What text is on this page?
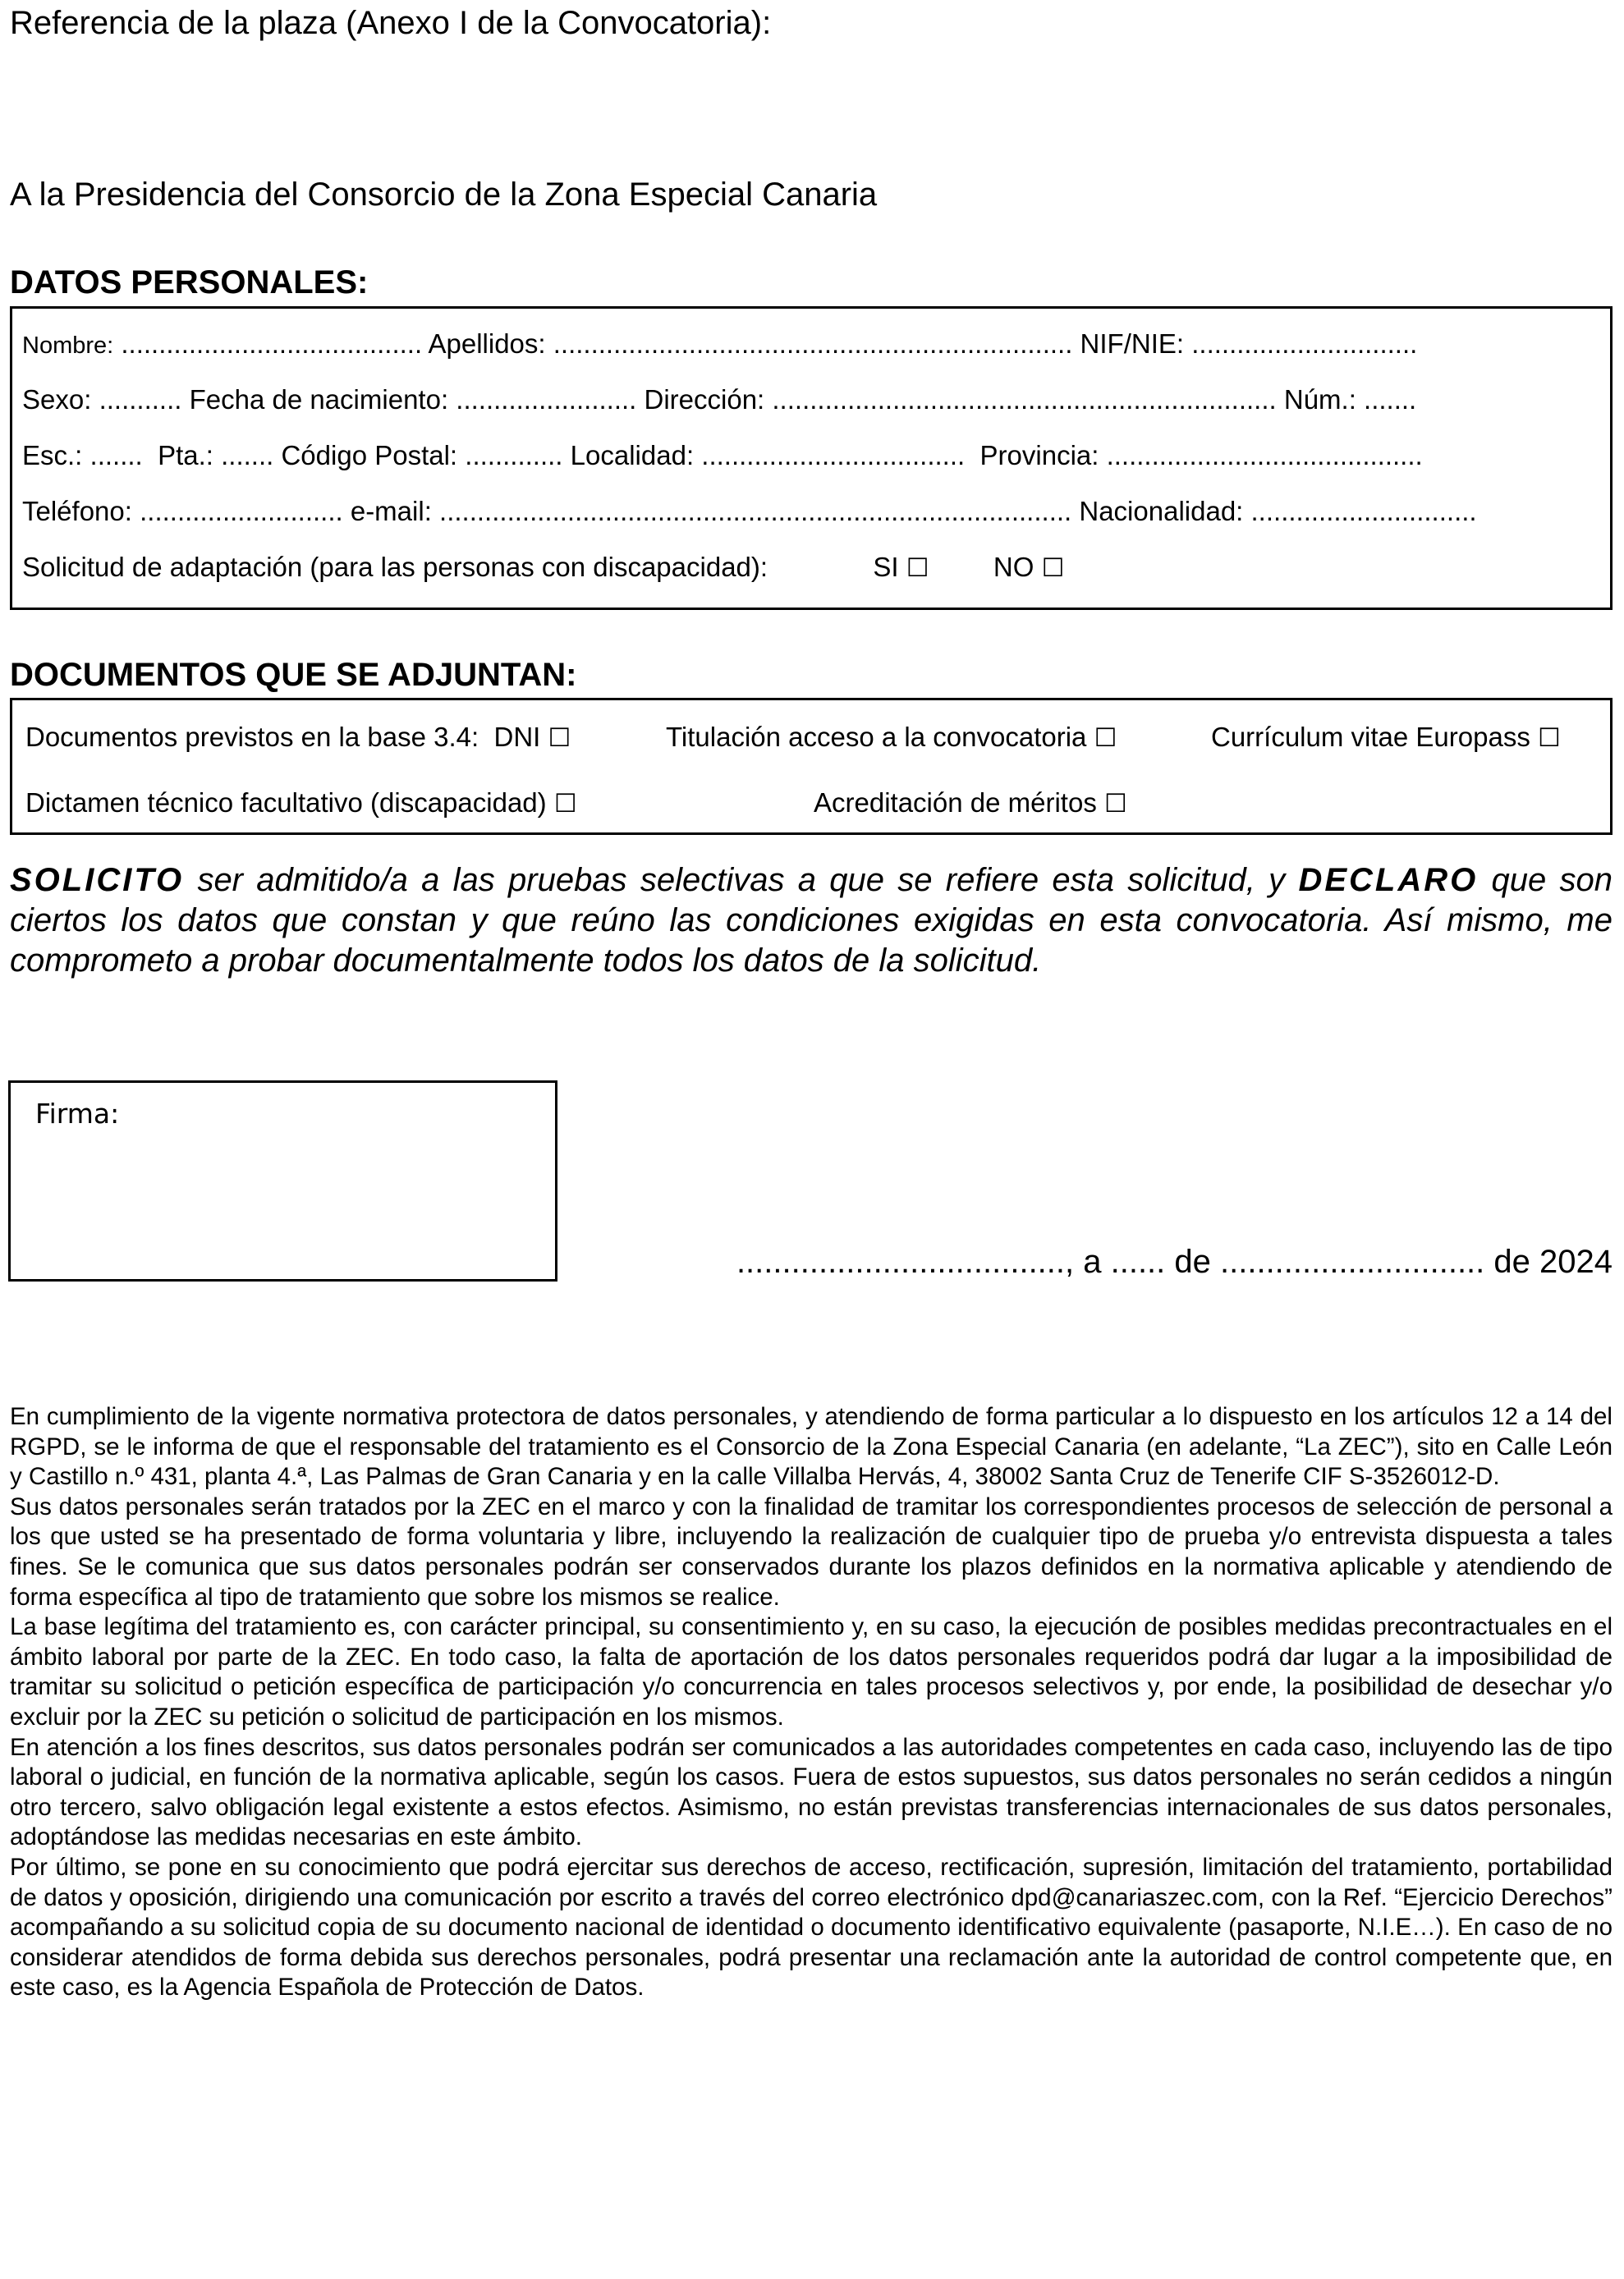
Referencia de la plaza (Anexo I de la Convocatoria):
A la Presidencia del Consorcio de la Zona Especial Canaria
DATOS PERSONALES:
Nombre: ........................................ Apellidos: ..................................................................... NIF/NIE: ..............................
Sexo: ........... Fecha de nacimiento: ........................ Dirección: ................................................................... Núm.: .......
Esc.: ....... Pta.: ....... Código Postal: ............. Localidad: ................................... Provincia: ..........................................
Teléfono: ........................... e-mail: .................................................................................... Nacionalidad: ..............................
Solicitud de adaptación (para las personas con discapacidad):	SI ☐ NO ☐
DOCUMENTOS QUE SE ADJUNTAN:
Documentos previstos en la base 3.4: DNI ☐	Titulación acceso a la convocatoria ☐	Currículum vitae Europass ☐
Dictamen técnico facultativo (discapacidad) ☐	Acreditación de méritos ☐
SOLICITO ser admitido/a a las pruebas selectivas a que se refiere esta solicitud, y DECLARO que son ciertos los datos que constan y que reúno las condiciones exigidas en esta convocatoria. Así mismo, me comprometo a probar documentalmente todos los datos de la solicitud.
Firma:
...................................., a ...... de ............................. de 2024

En cumplimiento de la vigente normativa protectora de datos personales, y atendiendo de forma particular a lo dispuesto en los artículos 12 a 14 del RGPD, se le informa de que el responsable del tratamiento es el Consorcio de la Zona Especial Canaria (en adelante, “La ZEC”), sito en Calle León y Castillo n.º 431, planta 4.ª, Las Palmas de Gran Canaria y en la calle Villalba Hervás, 4, 38002 Santa Cruz de Tenerife CIF S-3526012-D.

Sus datos personales serán tratados por la ZEC en el marco y con la finalidad de tramitar los correspondientes procesos de selección de personal a los que usted se ha presentado de forma voluntaria y libre, incluyendo la realización de cualquier tipo de prueba y/o entrevista dispuesta a tales fines. Se le comunica que sus datos personales podrán ser conservados durante los plazos definidos en la normativa aplicable y atendiendo de forma específica al tipo de tratamiento que sobre los mismos se realice.

La base legítima del tratamiento es, con carácter principal, su consentimiento y, en su caso, la ejecución de posibles medidas precontractuales en el ámbito laboral por parte de la ZEC. En todo caso, la falta de aportación de los datos personales requeridos podrá dar lugar a la imposibilidad de tramitar su solicitud o petición específica de participación y/o concurrencia en tales procesos selectivos y, por ende, la posibilidad de desechar y/o excluir por la ZEC su petición o solicitud de participación en los mismos.

En atención a los fines descritos, sus datos personales podrán ser comunicados a las autoridades competentes en cada caso, incluyendo las de tipo laboral o judicial, en función de la normativa aplicable, según los casos. Fuera de estos supuestos, sus datos personales no serán cedidos a ningún otro tercero, salvo obligación legal existente a estos efectos. Asimismo, no están previstas transferencias internacionales de sus datos personales, adoptándose las medidas necesarias en este ámbito.

Por último, se pone en su conocimiento que podrá ejercitar sus derechos de acceso, rectificación, supresión, limitación del tratamiento, portabilidad de datos y oposición, dirigiendo una comunicación por escrito a través del correo electrónico dpd@canariaszec.com, con la Ref. “Ejercicio Derechos” acompañando a su solicitud copia de su documento nacional de identidad o documento identificativo equivalente (pasaporte, N.I.E…). En caso de no considerar atendidos de forma debida sus derechos personales, podrá presentar una reclamación ante la autoridad de control competente que, en este caso, es la Agencia Española de Protección de Datos.
